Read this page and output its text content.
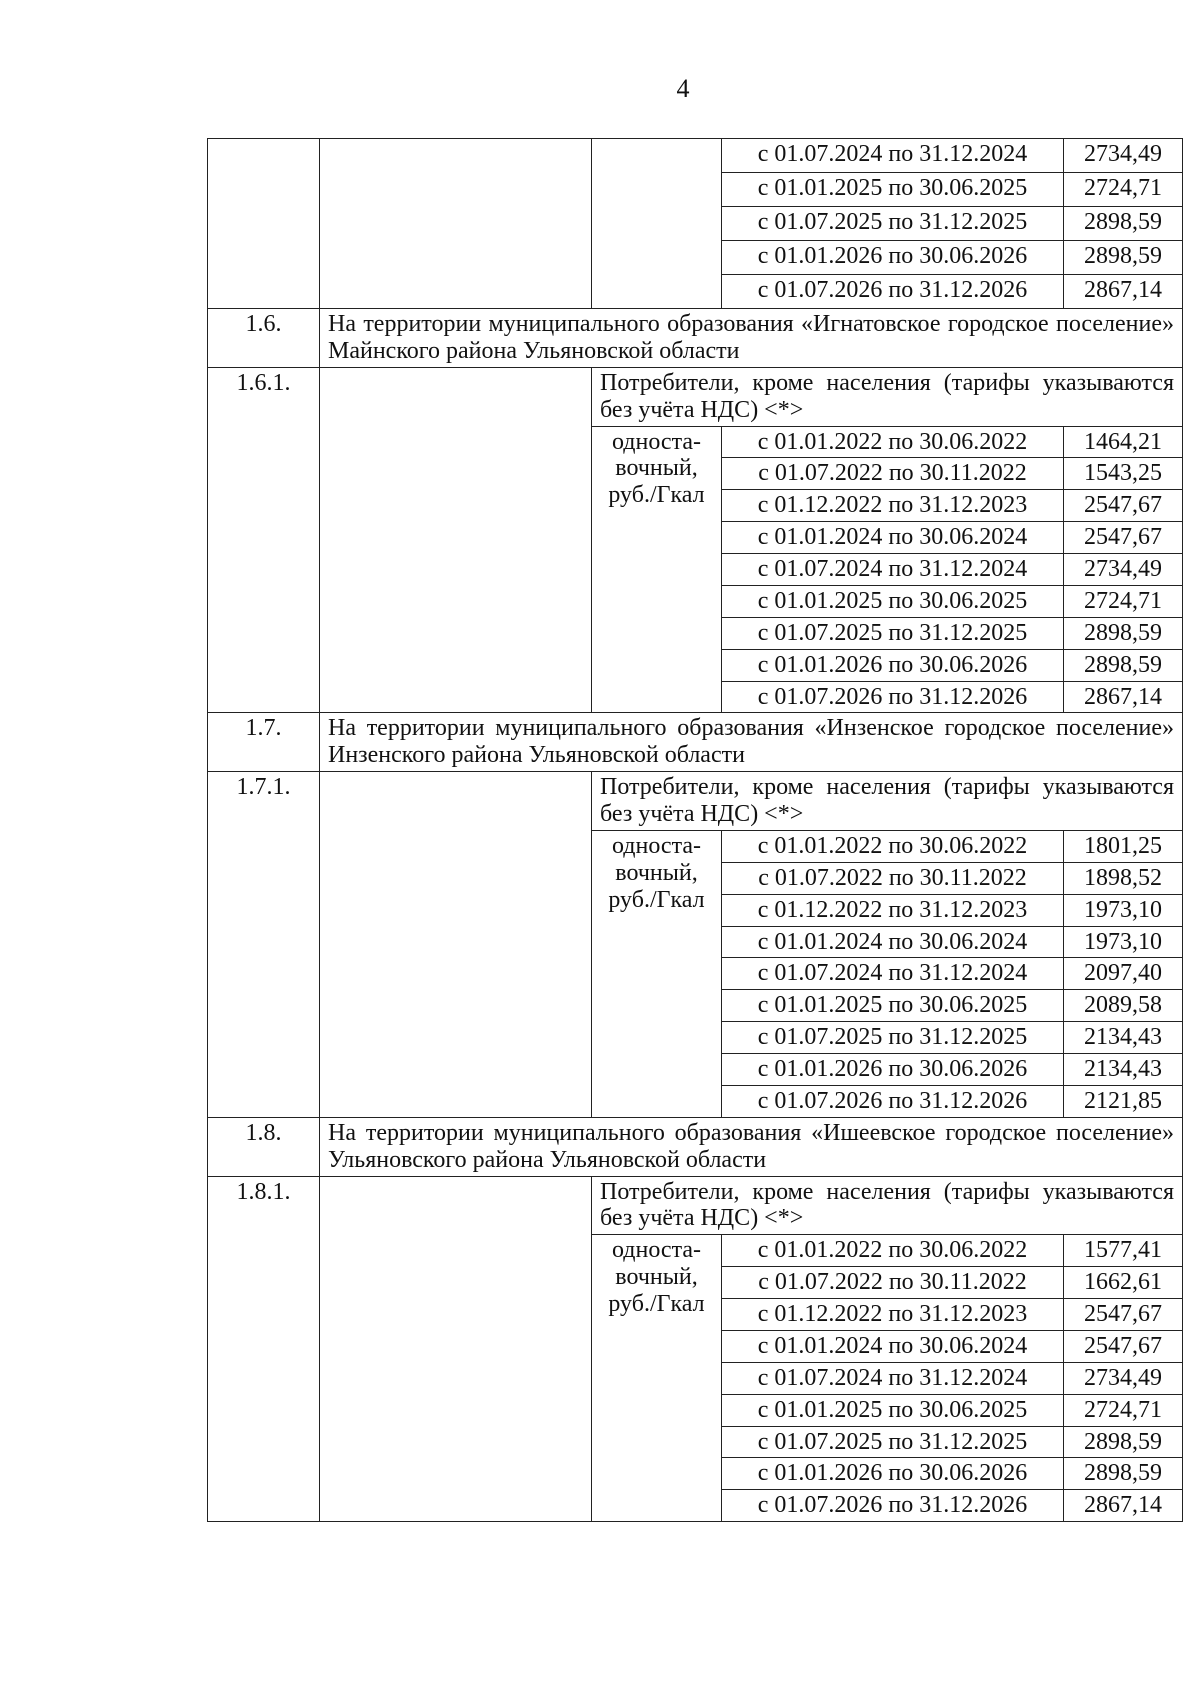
4
			с 01.07.2024 по 31.12.2024	2734,49
			с 01.01.2025 по 30.06.2025	2724,71
			с 01.07.2025 по 31.12.2025	2898,59
			с 01.01.2026 по 30.06.2026	2898,59
			с 01.07.2026 по 31.12.2026	2867,14
1.6.	На территории муниципального образования «Игнатовское городское поселение» Майнского района Ульяновской области			
1.6.1.		Потребители, кроме населения (тарифы указываются без учёта НДС) <*>		

		односта-
вочный,
руб./Гкал	с 01.01.2022 по 30.06.2022	1464,21
			с 01.07.2022 по 30.11.2022	1543,25
			с 01.12.2022 по 31.12.2023	2547,67
			с 01.01.2024 по 30.06.2024	2547,67
			с 01.07.2024 по 31.12.2024	2734,49
			с 01.01.2025 по 30.06.2025	2724,71
			с 01.07.2025 по 31.12.2025	2898,59
			с 01.01.2026 по 30.06.2026	2898,59
			с 01.07.2026 по 31.12.2026	2867,14
1.7.	На территории муниципального образования «Инзенское городское поселение» Инзенского района Ульяновской области			
1.7.1.		Потребители, кроме населения (тарифы указываются без учёта НДС) <*>		

		односта-
вочный,
руб./Гкал	с 01.01.2022 по 30.06.2022	1801,25
			с 01.07.2022 по 30.11.2022	1898,52
			с 01.12.2022 по 31.12.2023	1973,10
			с 01.01.2024 по 30.06.2024	1973,10
			с 01.07.2024 по 31.12.2024	2097,40
			с 01.01.2025 по 30.06.2025	2089,58
			с 01.07.2025 по 31.12.2025	2134,43
			с 01.01.2026 по 30.06.2026	2134,43
			с 01.07.2026 по 31.12.2026	2121,85
1.8.	На территории муниципального образования «Ишеевское городское поселение» Ульяновского района Ульяновской области			
1.8.1.		Потребители, кроме населения (тарифы указываются без учёта НДС) <*>		

		односта-
вочный,
руб./Гкал	с 01.01.2022 по 30.06.2022	1577,41
			с 01.07.2022 по 30.11.2022	1662,61
			с 01.12.2022 по 31.12.2023	2547,67
			с 01.01.2024 по 30.06.2024	2547,67
			с 01.07.2024 по 31.12.2024	2734,49
			с 01.01.2025 по 30.06.2025	2724,71
			с 01.07.2025 по 31.12.2025	2898,59
			с 01.01.2026 по 30.06.2026	2898,59
			с 01.07.2026 по 31.12.2026	2867,14
